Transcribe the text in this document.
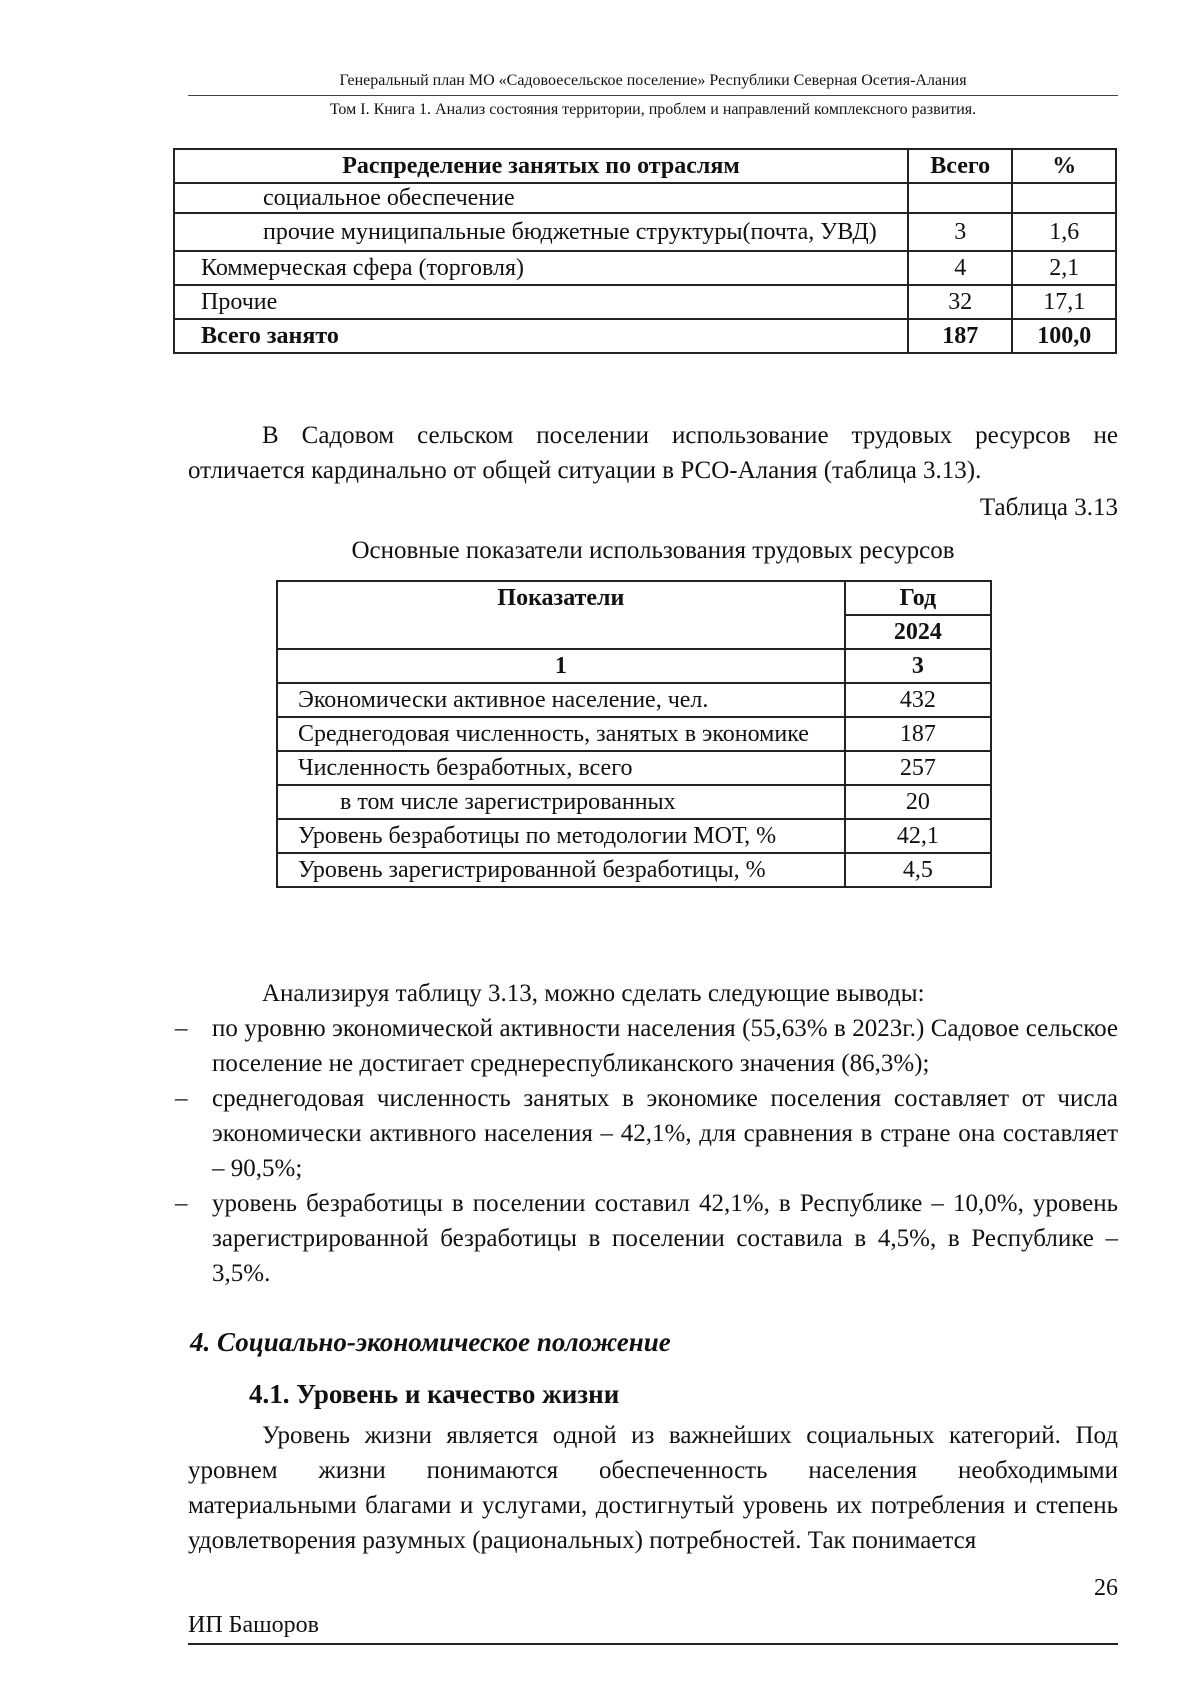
Генеральный план МО «Садовоесельское поселение» Республики Северная Осетия-Алания
Том I. Книга 1. Анализ состояния территории, проблем и направлений комплексного развития.
Распределение занятых по отраслям	Всего	%
социальное обеспечение		
прочие муниципальные бюджетные структуры(почта, УВД)	3	1,6
Коммерческая сфера (торговля)	4	2,1
Прочие	32	17,1
Всего занято	187	100,0
В Садовом сельском поселении использование трудовых ресурсов не отличается кардинально от общей ситуации в РСО-Алания (таблица 3.13).
Таблица 3.13
Основные показатели использования трудовых ресурсов
Показатели	Год
	2024
1	3
Экономически активное население, чел.	432
Среднегодовая численность, занятых в экономике	187
Численность безработных, всего	257
в том числе зарегистрированных	20
Уровень безработицы по методологии МОТ, %	42,1
Уровень зарегистрированной безработицы, %	4,5
Анализируя таблицу 3.13, можно сделать следующие выводы:
– по уровню экономической активности населения (55,63% в 2023г.) Садовое сельское поселение не достигает среднереспубликанского значения (86,3%);
– среднегодовая численность занятых в экономике поселения составляет от числа экономически активного населения – 42,1%, для сравнения в стране она составляет – 90,5%;
– уровень безработицы в поселении составил 42,1%, в Республике – 10,0%, уровень зарегистрированной безработицы в поселении составила в 4,5%, в Республике – 3,5%.
4. Социально-экономическое положение
4.1. Уровень и качество жизни
Уровень жизни является одной из важнейших социальных категорий. Под уровнем жизни понимаются обеспеченность населения необходимыми материальными благами и услугами, достигнутый уровень их потребления и степень удовлетворения разумных (рациональных) потребностей. Так понимается
26
ИП Башоров
